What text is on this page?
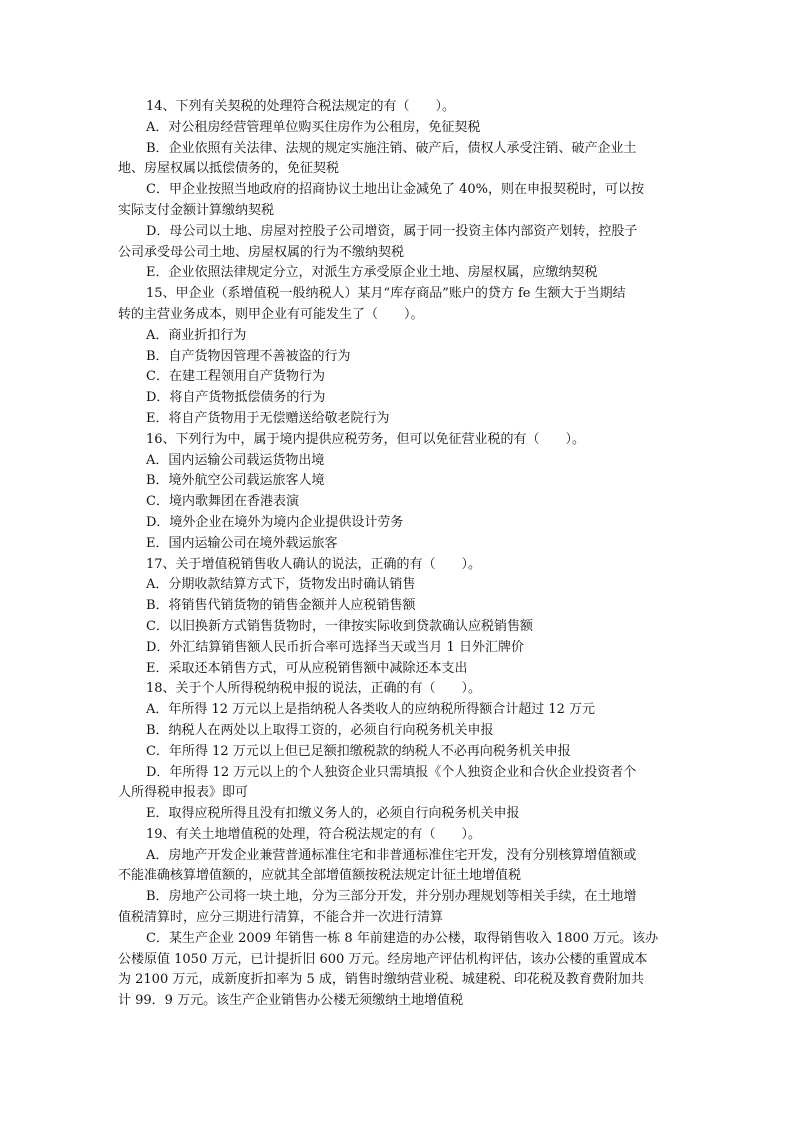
14、下列有关契税的处理符合税法规定的有（　　）。
A．对公租房经营管理单位购买住房作为公租房，免征契税
B．企业依照有关法律、法规的规定实施注销、破产后，债权人承受注销、破产企业土
地、房屋权属以抵偿债务的，免征契税
C．甲企业按照当地政府的招商协议土地出让金减免了 40%，则在申报契税时，可以按
实际支付金额计算缴纳契税
D．母公司以土地、房屋对控股子公司增资，属于同一投资主体内部资产划转，控股子
公司承受母公司土地、房屋权属的行为不缴纳契税
E．企业依照法律规定分立，对派生方承受原企业土地、房屋权属，应缴纳契税
15、甲企业（系增值税一般纳税人）某月“库存商品”账户的贷方 fe 生额大于当期结
转的主营业务成本，则甲企业有可能发生了（　　）。
A．商业折扣行为
B．自产货物因管理不善被盗的行为
C．在建工程领用自产货物行为
D．将自产货物抵偿债务的行为
E．将自产货物用于无偿赠送给敬老院行为
16、下列行为中，属于境内提供应税劳务，但可以免征营业税的有（　　）。
A．国内运输公司载运货物出境
B．境外航空公司载运旅客人境
C．境内歌舞团在香港表演
D．境外企业在境外为境内企业提供设计劳务
E．国内运输公司在境外载运旅客
17、关于增值税销售收人确认的说法，正确的有（　　）。
A．分期收款结算方式下，货物发出时确认销售
B．将销售代销货物的销售金额并人应税销售额
C．以旧换新方式销售货物时，一律按实际收到贷款确认应税销售额
D．外汇结算销售额人民币折合率可选择当天或当月 1 日外汇牌价
E．采取还本销售方式，可从应税销售额中减除还本支出
18、关于个人所得税纳税申报的说法，正确的有（　　）。
A．年所得 12 万元以上是指纳税人各类收人的应纳税所得额合计超过 12 万元
B．纳税人在两处以上取得工资的，必须自行向税务机关申报
C．年所得 12 万元以上但已足额扣缴税款的纳税人不必再向税务机关申报
D．年所得 12 万元以上的个人独资企业只需填报《个人独资企业和合伙企业投资者个
人所得税申报表》即可
E．取得应税所得且没有扣缴义务人的，必须自行向税务机关申报
19、有关土地增值税的处理，符合税法规定的有（　　）。
A．房地产开发企业兼营普通标准住宅和非普通标准住宅开发，没有分别核算增值额或
不能准确核算增值额的，应就其全部增值额按税法规定计征土地增值税
B．房地产公司将一块土地，分为三部分开发，并分别办理规划等相关手续，在土地增
值税清算时，应分三期进行清算，不能合并一次进行清算
C．某生产企业 2009 年销售一栋 8 年前建造的办公楼，取得销售收入 1800 万元。该办
公楼原值 1050 万元，已计提折旧 600 万元。经房地产评估机构评估，该办公楼的重置成本
为 2100 万元，成新度折扣率为 5 成，销售时缴纳营业税、城建税、印花税及教育费附加共
计 99．9 万元。该生产企业销售办公楼无须缴纳土地增值税
